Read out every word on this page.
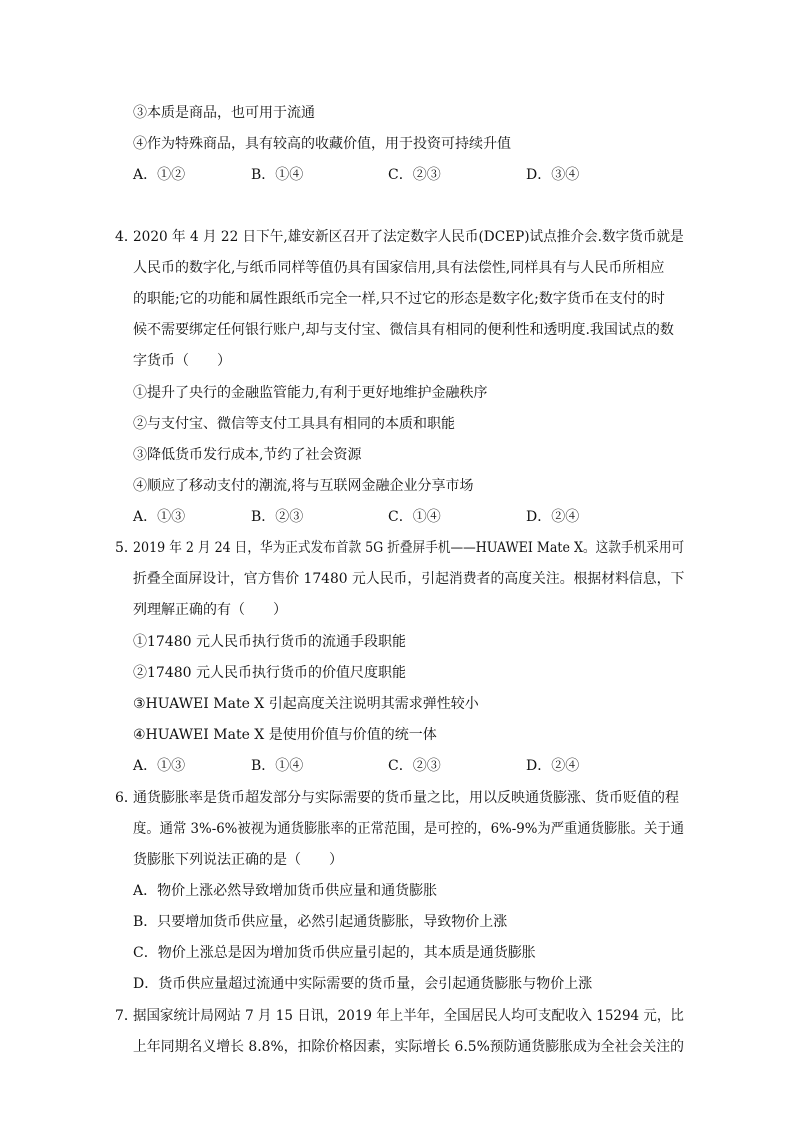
③本质是商品，也可用于流通
④作为特殊商品，具有较高的收藏价值，用于投资可持续升值
A．①②	B．①④	C．②③	D．③④
4．
2020 年 4 月 22 日下午,雄安新区召开了法定数字人民币(DCEP)试点推介会.数字货币就是
人民币的数字化,与纸币同样等值仍具有国家信用,具有法偿性,同样具有与人民币所相应
的职能;它的功能和属性跟纸币完全一样,只不过它的形态是数字化;数字货币在支付的时
候不需要绑定任何银行账户,却与支付宝、微信具有相同的便利性和透明度.我国试点的数
字货币（　　）
①提升了央行的金融监管能力,有利于更好地维护金融秩序
②与支付宝、微信等支付工具具有相同的本质和职能
③降低货币发行成本,节约了社会资源
④顺应了移动支付的潮流,将与互联网金融企业分享市场
A．①③	B．②③	C．①④	D．②④
5．
2019 年 2 月 24 日，华为正式发布首款 5G 折叠屏手机——HUAWEI Mate X。这款手机采用可
折叠全面屏设计，官方售价 17480 元人民币，引起消费者的高度关注。根据材料信息，下
列理解正确的有（　　）
①17480 元人民币执行货币的流通手段职能
②17480 元人民币执行货币的价值尺度职能
③HUAWEI Mate X 引起高度关注说明其需求弹性较小
④HUAWEI Mate X 是使用价值与价值的统一体
A．①③	B．①④	C．②③	D．②④
6．
通货膨胀率是货币超发部分与实际需要的货币量之比，用以反映通货膨涨、货币贬值的程
度。通常 3%-6%被视为通货膨胀率的正常范围，是可控的，6%-9%为严重通货膨胀。关于通
货膨胀下列说法正确的是（　　）
A．物价上涨必然导致增加货币供应量和通货膨胀
B．只要增加货币供应量，必然引起通货膨胀，导致物价上涨
C．物价上涨总是因为增加货币供应量引起的，其本质是通货膨胀
D．货币供应量超过流通中实际需要的货币量，会引起通货膨胀与物价上涨
7．
据国家统计局网站 7 月 15 日讯，2019 年上半年，全国居民人均可支配收入 15294 元，比
上年同期名义增长 8.8%，扣除价格因素，实际增长 6.5%预防通货膨胀成为全社会关注的
